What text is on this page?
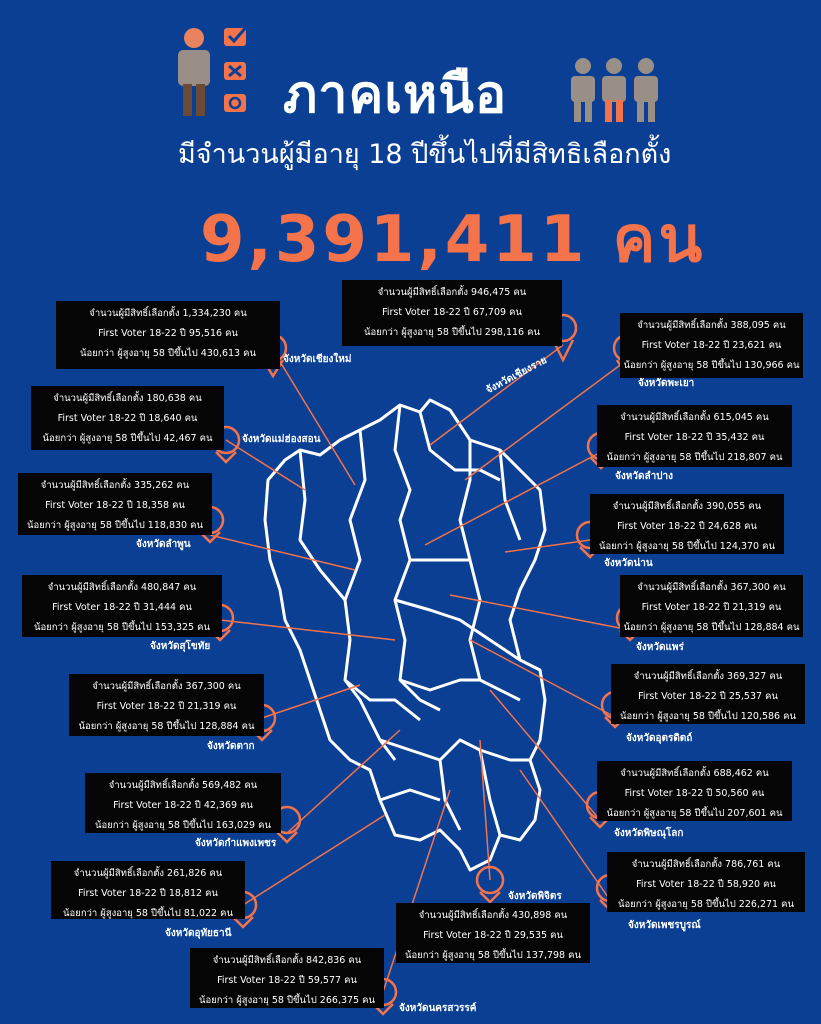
ภาคเหนือ
มีจำนวนผู้มีอายุ 18 ปีขึ้นไปที่มีสิทธิเลือกตั้ง
9,391,411 คน
จำนวนผู้มีสิทธิ์เลือกตั้ง 1,334,230 คน
First Voter 18-22 ปี 95,516 คน
น้อยกว่า ผู้สูงอายุ 58 ปีขึ้นไป 430,613 คน
จังหวัดเชียงใหม่
จำนวนผู้มีสิทธิ์เลือกตั้ง 946,475 คน
First Voter 18-22 ปี 67,709 คน
น้อยกว่า ผู้สูงอายุ 58 ปีขึ้นไป 298,116 คน
จังหวัดเชียงราย
จำนวนผู้มีสิทธิ์เลือกตั้ง 388,095 คน
First Voter 18-22 ปี 23,621 คน
น้อยกว่า ผู้สูงอายุ 58 ปีขึ้นไป 130,966 คน
จังหวัดพะเยา
จำนวนผู้มีสิทธิ์เลือกตั้ง 180,638 คน
First Voter 18-22 ปี 18,640 คน
น้อยกว่า ผู้สูงอายุ 58 ปีขึ้นไป 42,467 คน	จังหวัดแม่ฮ่องสอน
จำนวนผู้มีสิทธิ์เลือกตั้ง 615,045 คน
First Voter 18-22 ปี 35,432 คน
น้อยกว่า ผู้สูงอายุ 58 ปีขึ้นไป 218,807 คน
จังหวัดลำปาง
จำนวนผู้มีสิทธิ์เลือกตั้ง 335,262 คน
First Voter 18-22 ปี 18,358 คน
น้อยกว่า ผู้สูงอายุ 58 ปีขึ้นไป 118,830 คน
จังหวัดลำพูน
จำนวนผู้มีสิทธิ์เลือกตั้ง 390,055 คน
First Voter 18-22 ปี 24,628 คน
น้อยกว่า ผู้สูงอายุ 58 ปีขึ้นไป 124,370 คน
จังหวัดน่าน
จำนวนผู้มีสิทธิ์เลือกตั้ง 480,847 คน
First Voter 18-22 ปี 31,444 คน
น้อยกว่า ผู้สูงอายุ 58 ปีขึ้นไป 153,325 คน
จังหวัดสุโขทัย
จำนวนผู้มีสิทธิ์เลือกตั้ง 367,300 คน
First Voter 18-22 ปี 21,319 คน
น้อยกว่า ผู้สูงอายุ 58 ปีขึ้นไป 128,884 คน
จังหวัดแพร่
จำนวนผู้มีสิทธิ์เลือกตั้ง 367,300 คน
First Voter 18-22 ปี 21,319 คน
น้อยกว่า ผู้สูงอายุ 58 ปีขึ้นไป 128,884 คน
จังหวัดตาก
จำนวนผู้มีสิทธิ์เลือกตั้ง 369,327 คน
First Voter 18-22 ปี 25,537 คน
น้อยกว่า ผู้สูงอายุ 58 ปีขึ้นไป 120,586 คน
จังหวัดอุตรดิตถ์
จำนวนผู้มีสิทธิ์เลือกตั้ง 569,482 คน
First Voter 18-22 ปี 42,369 คน
น้อยกว่า ผู้สูงอายุ 58 ปีขึ้นไป 163,029 คน
จังหวัดกำแพงเพชร
จำนวนผู้มีสิทธิ์เลือกตั้ง 688,462 คน
First Voter 18-22 ปี 50,560 คน
น้อยกว่า ผู้สูงอายุ 58 ปีขึ้นไป 207,601 คน
จังหวัดพิษณุโลก
จำนวนผู้มีสิทธิ์เลือกตั้ง 786,761 คน
First Voter 18-22 ปี 58,920 คน
น้อยกว่า ผู้สูงอายุ 58 ปีขึ้นไป 226,271 คน
จังหวัดเพชรบูรณ์
จำนวนผู้มีสิทธิ์เลือกตั้ง 261,826 คน
First Voter 18-22 ปี 18,812 คน
น้อยกว่า ผู้สูงอายุ 58 ปีขึ้นไป 81,022 คน
จังหวัดอุทัยธานี
จังหวัดพิจิตร
จำนวนผู้มีสิทธิ์เลือกตั้ง 430,898 คน
First Voter 18-22 ปี 29,535 คน
น้อยกว่า ผู้สูงอายุ 58 ปีขึ้นไป 137,798 คน
จำนวนผู้มีสิทธิ์เลือกตั้ง 842,836 คน
First Voter 18-22 ปี 59,577 คน
น้อยกว่า ผู้สูงอายุ 58 ปีขึ้นไป 266,375 คน
จังหวัดนครสวรรค์
